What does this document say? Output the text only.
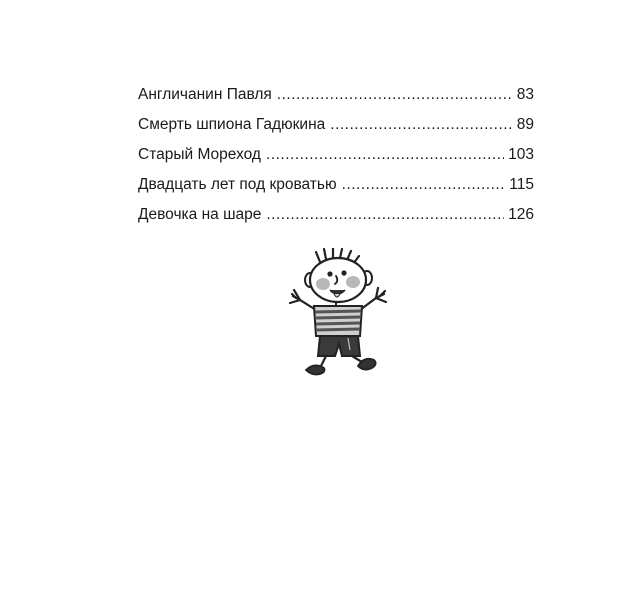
Англичанин Павля .....	83
Смерть шпиона Гадюкина .....	89
Старый Мореход .....	103
Двадцать лет под кроватью .....	115
Девочка на шаре .....	126
